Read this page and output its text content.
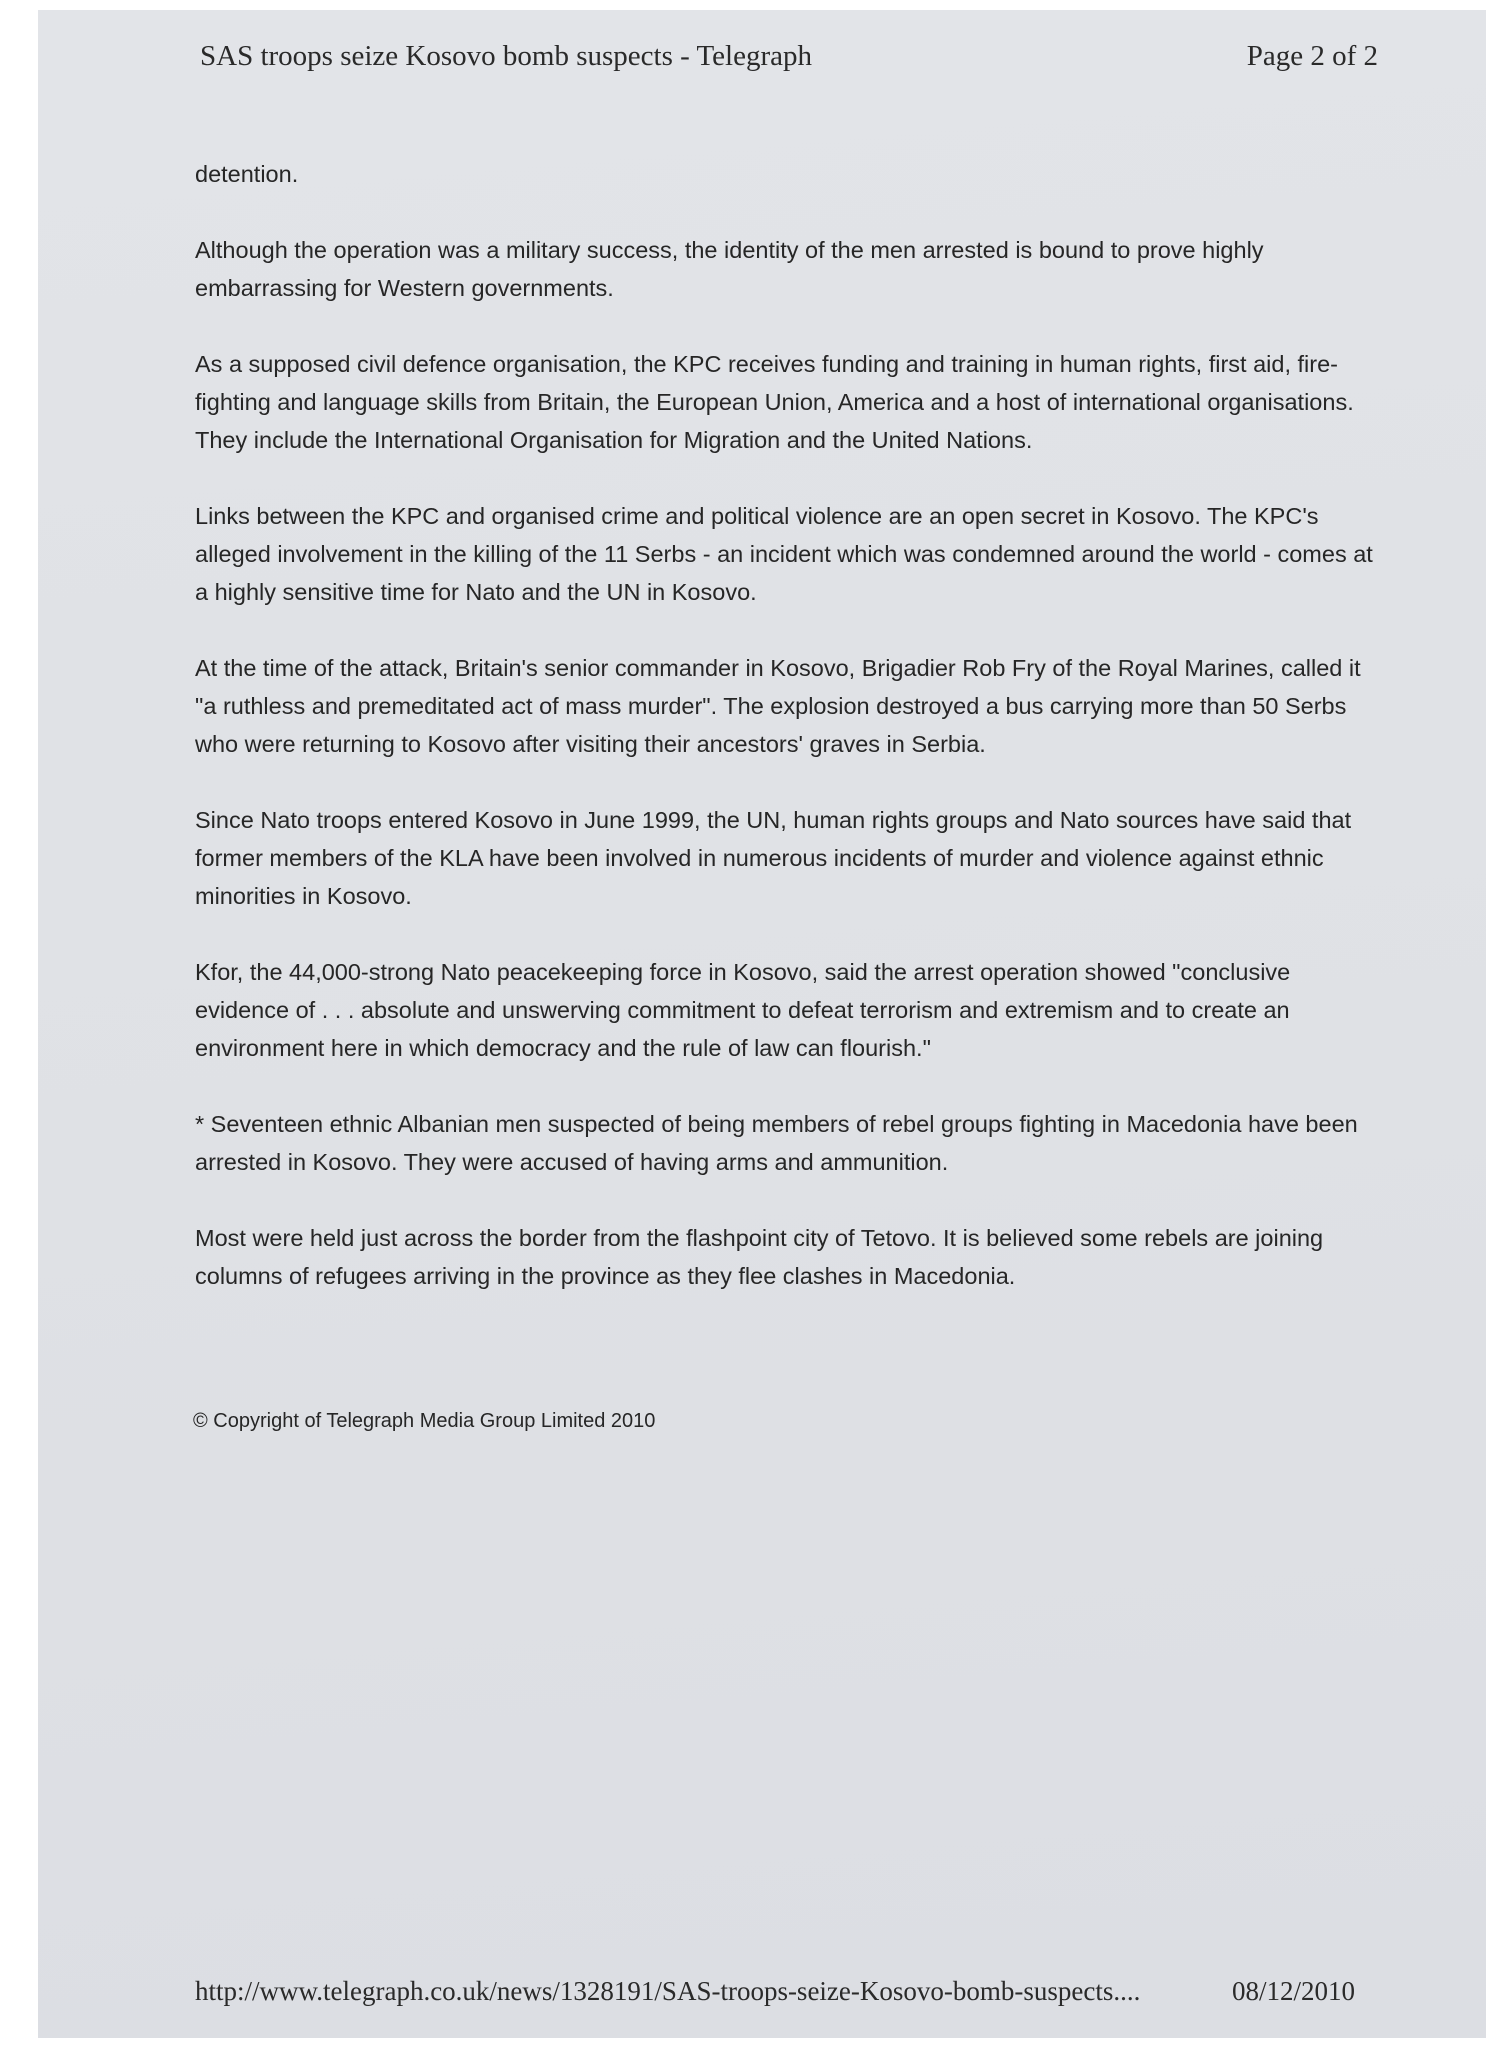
SAS troops seize Kosovo bomb suspects - Telegraph	Page 2 of 2

detention.

Although the operation was a military success, the identity of the men arrested is bound to prove highly embarrassing for Western governments.

As a supposed civil defence organisation, the KPC receives funding and training in human rights, first aid, fire-fighting and language skills from Britain, the European Union, America and a host of international organisations. They include the International Organisation for Migration and the United Nations.

Links between the KPC and organised crime and political violence are an open secret in Kosovo. The KPC's alleged involvement in the killing of the 11 Serbs - an incident which was condemned around the world - comes at a highly sensitive time for Nato and the UN in Kosovo.

At the time of the attack, Britain's senior commander in Kosovo, Brigadier Rob Fry of the Royal Marines, called it "a ruthless and premeditated act of mass murder". The explosion destroyed a bus carrying more than 50 Serbs who were returning to Kosovo after visiting their ancestors' graves in Serbia.

Since Nato troops entered Kosovo in June 1999, the UN, human rights groups and Nato sources have said that former members of the KLA have been involved in numerous incidents of murder and violence against ethnic minorities in Kosovo.

Kfor, the 44,000-strong Nato peacekeeping force in Kosovo, said the arrest operation showed "conclusive evidence of . . . absolute and unswerving commitment to defeat terrorism and extremism and to create an environment here in which democracy and the rule of law can flourish."

* Seventeen ethnic Albanian men suspected of being members of rebel groups fighting in Macedonia have been arrested in Kosovo. They were accused of having arms and ammunition.

Most were held just across the border from the flashpoint city of Tetovo. It is believed some rebels are joining columns of refugees arriving in the province as they flee clashes in Macedonia.

© Copyright of Telegraph Media Group Limited 2010
http://www.telegraph.co.uk/news/1328191/SAS-troops-seize-Kosovo-bomb-suspects....	08/12/2010
